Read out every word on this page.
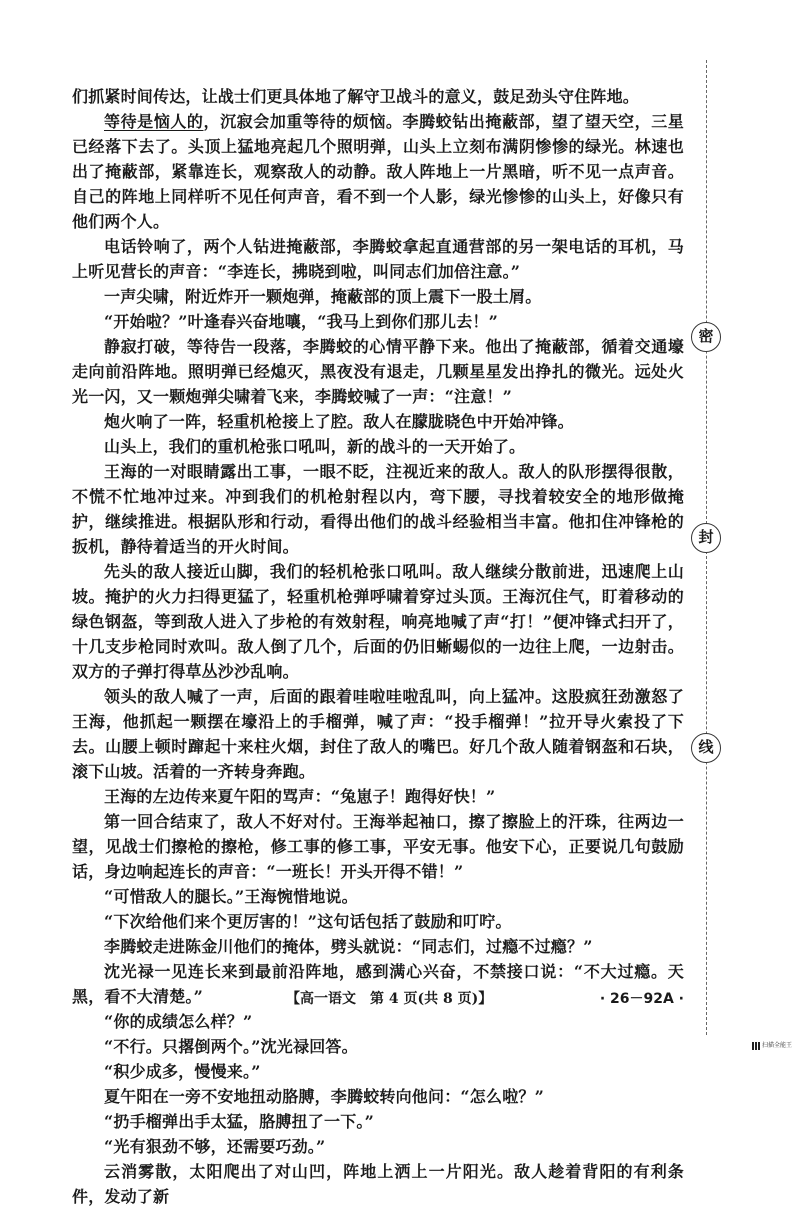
密
封
线

们抓紧时间传达，让战士们更具体地了解守卫战斗的意义，鼓足劲头守住阵地。

等待是恼人的，沉寂会加重等待的烦恼。李腾蛟钻出掩蔽部，望了望天空，三星已经落下去了。头顶上猛地亮起几个照明弹，山头上立刻布满阴惨惨的绿光。林速也出了掩蔽部，紧靠连长，观察敌人的动静。敌人阵地上一片黑暗，听不见一点声音。自己的阵地上同样听不见任何声音，看不到一个人影，绿光惨惨的山头上，好像只有他们两个人。

电话铃响了，两个人钻进掩蔽部，李腾蛟拿起直通营部的另一架电话的耳机，马上听见营长的声音：“李连长，拂晓到啦，叫同志们加倍注意。”

一声尖啸，附近炸开一颗炮弹，掩蔽部的顶上震下一股土屑。

“开始啦？”叶逢春兴奋地嚷，“我马上到你们那儿去！”

静寂打破，等待告一段落，李腾蛟的心情平静下来。他出了掩蔽部，循着交通壕走向前沿阵地。照明弹已经熄灭，黑夜没有退走，几颗星星发出挣扎的微光。远处火光一闪，又一颗炮弹尖啸着飞来，李腾蛟喊了一声：“注意！”

炮火响了一阵，轻重机枪接上了腔。敌人在朦胧晓色中开始冲锋。

山头上，我们的重机枪张口吼叫，新的战斗的一天开始了。

王海的一对眼睛露出工事，一眼不眨，注视近来的敌人。敌人的队形摆得很散，不慌不忙地冲过来。冲到我们的机枪射程以内，弯下腰，寻找着较安全的地形做掩护，继续推进。根据队形和行动，看得出他们的战斗经验相当丰富。他扣住冲锋枪的扳机，静待着适当的开火时间。

先头的敌人接近山脚，我们的轻机枪张口吼叫。敌人继续分散前进，迅速爬上山坡。掩护的火力扫得更猛了，轻重机枪弹呼啸着穿过头顶。王海沉住气，盯着移动的绿色钢盔，等到敌人进入了步枪的有效射程，响亮地喊了声“打！”便冲锋式扫开了，十几支步枪同时欢叫。敌人倒了几个，后面的仍旧蜥蜴似的一边往上爬，一边射击。双方的子弹打得草丛沙沙乱响。

领头的敌人喊了一声，后面的跟着哇啦哇啦乱叫，向上猛冲。这股疯狂劲激怒了王海，他抓起一颗摆在壕沿上的手榴弹，喊了声：“投手榴弹！”拉开导火索投了下去。山腰上顿时蹿起十来柱火烟，封住了敌人的嘴巴。好几个敌人随着钢盔和石块，滚下山坡。活着的一齐转身奔跑。

王海的左边传来夏午阳的骂声：“兔崽子！跑得好快！”

第一回合结束了，敌人不好对付。王海举起袖口，擦了擦脸上的汗珠，往两边一望，见战士们擦枪的擦枪，修工事的修工事，平安无事。他安下心，正要说几句鼓励话，身边响起连长的声音：“一班长！开头开得不错！”

“可惜敌人的腿长。”王海惋惜地说。

“下次给他们来个更厉害的！”这句话包括了鼓励和叮咛。

李腾蛟走进陈金川他们的掩体，劈头就说：“同志们，过瘾不过瘾？”

沈光禄一见连长来到最前沿阵地，感到满心兴奋，不禁接口说：“不大过瘾。天黑，看不大清楚。”

“你的成绩怎么样？”

“不行。只撂倒两个。”沈光禄回答。

“积少成多，慢慢来。”

夏午阳在一旁不安地扭动胳膊，李腾蛟转向他问：“怎么啦？”

“扔手榴弹出手太猛，胳膊扭了一下。”

“光有狠劲不够，还需要巧劲。”

云消雾散，太阳爬出了对山凹，阵地上洒上一片阳光。敌人趁着背阳的有利条件，发动了新

【高一语文　第 4 页(共 8 页)】	· 26－92A ·
扫描全能王
